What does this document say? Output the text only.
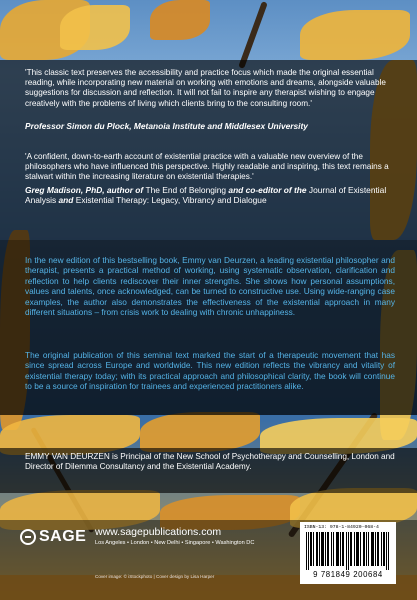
'This classic text preserves the accessibility and practice focus which made the original essential reading, while incorporating new material on working with emotions and dreams, alongside valuable suggestions for discussion and reflection. It will not fail to inspire any therapist wishing to engage creatively with the problems of living which clients bring to the consulting room.'
Professor Simon du Plock, Metanoia Institute and Middlesex University
'A confident, down-to-earth account of existential practice with a valuable new overview of the philosophers who have influenced this perspective. Highly readable and inspiring, this text remains a stalwart within the increasing literature on existential therapies.'
Greg Madison, PhD, author of The End of Belonging and co-editor of the Journal of Existential Analysis and Existential Therapy: Legacy, Vibrancy and Dialogue
In the new edition of this bestselling book, Emmy van Deurzen, a leading existential philosopher and therapist, presents a practical method of working, using systematic observation, clarification and reflection to help clients rediscover their inner strengths. She shows how personal assumptions, values and talents, once acknowledged, can be turned to constructive use. Using wide-ranging case examples, the author also demonstrates the effectiveness of the existential approach in many different situations – from crisis work to dealing with chronic unhappiness.
The original publication of this seminal text marked the start of a therapeutic movement that has since spread across Europe and worldwide. This new edition reflects the vibrancy and vitality of existential therapy today; with its practical approach and philosophical clarity, the book will continue to be a source of inspiration for trainees and experienced practitioners alike.
EMMY VAN DEURZEN is Principal of the New School of Psychotherapy and Counselling, London and Director of Dilemma Consultancy and the Existential Academy.
SAGE www.sagepublications.com
Los Angeles • London • New Delhi • Singapore • Washington DC
Cover image: © iStockphoto | Cover design by Lisa Harper
ISBN-13: 978-1-84920-068-4
9 781849 200684
